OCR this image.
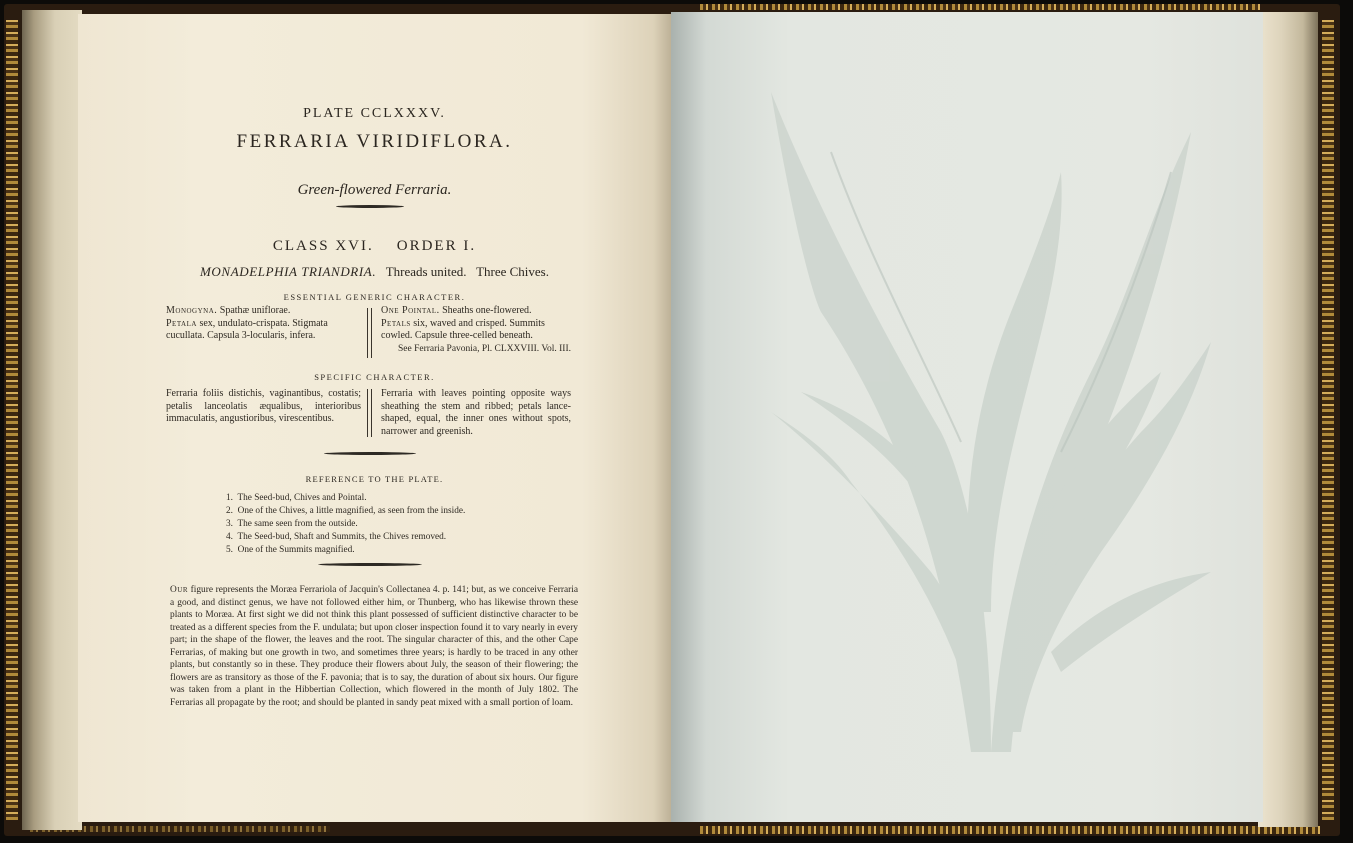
PLATE CCLXXXV.
FERRARIA VIRIDIFLORA.
Green-flowered Ferraria.
CLASS XVI. ORDER I.
MONADELPHIA TRIANDRIA. Threads united.   Three Chives.
ESSENTIAL GENERIC CHARACTER.
Monogyna. Spathæ uniflorae.
Petala sex, undulato-crispata. Stigmata cucullata. Capsula 3-locularis, infera.
One Pointal. Sheaths one-flowered.
Petals six, waved and crisped. Summits cowled. Capsule three-celled beneath.
See Ferraria Pavonia, Pl. CLXXVIII. Vol. III.
SPECIFIC CHARACTER.
Ferraria foliis distichis, vaginantibus, costatis; petalis lanceolatis æqualibus, interioribus immaculatis, angustioribus, virescentibus.
Ferraria with leaves pointing opposite ways sheathing the stem and ribbed; petals lance-shaped, equal, the inner ones without spots, narrower and greenish.
REFERENCE TO THE PLATE.
1.  The Seed-bud, Chives and Pointal.
2.  One of the Chives, a little magnified, as seen from the inside.
3.  The same seen from the outside.
4.  The Seed-bud, Shaft and Summits, the Chives removed.
5.  One of the Summits magnified.
Our figure represents the Moræa Ferrariola of Jacquin's Collectanea 4. p. 141; but, as we conceive Ferraria a good, and distinct genus, we have not followed either him, or Thunberg, who has likewise thrown these plants to Moræa. At first sight we did not think this plant possessed of sufficient distinctive character to be treated as a different species from the F. undulata; but upon closer inspection found it to vary nearly in every part; in the shape of the flower, the leaves and the root. The singular character of this, and the other Cape Ferrarias, of making but one growth in two, and sometimes three years; is hardly to be traced in any other plants, but constantly so in these. They produce their flowers about July, the season of their flowering; the flowers are as transitory as those of the F. pavonia; that is to say, the duration of about six hours. Our figure was taken from a plant in the Hibbertian Collection, which flowered in the month of July 1802. The Ferrarias all propagate by the root; and should be planted in sandy peat mixed with a small portion of loam.
